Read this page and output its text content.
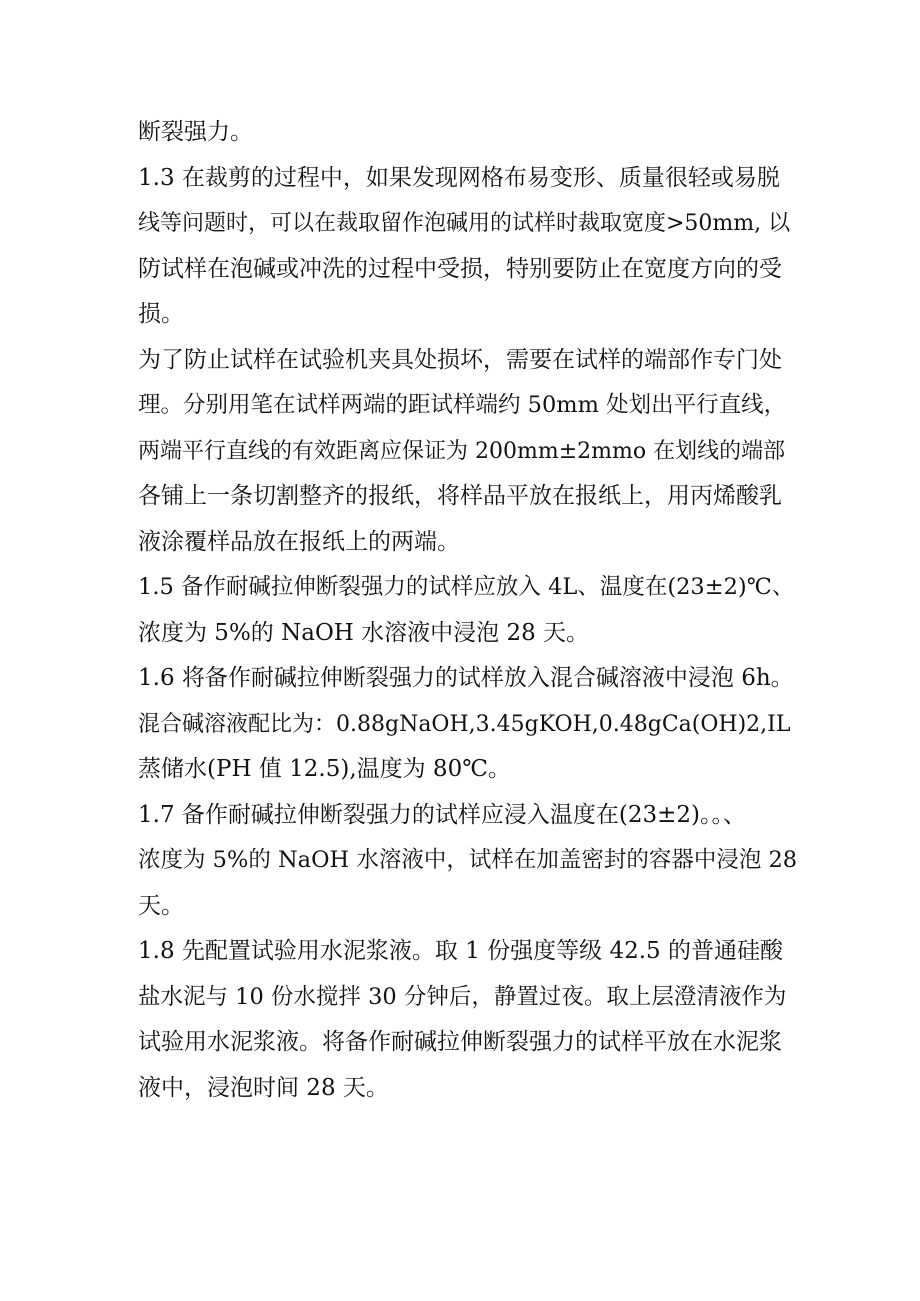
断裂强力。
1.3 在裁剪的过程中，如果发现网格布易变形、质量很轻或易脱
线等问题时，可以在裁取留作泡碱用的试样时裁取宽度>50mm, 以
防试样在泡碱或冲洗的过程中受损，特别要防止在宽度方向的受
损。
为了防止试样在试验机夹具处损坏，需要在试样的端部作专门处
理。分别用笔在试样两端的距试样端约 50mm 处划出平行直线，
两端平行直线的有效距离应保证为 200mm±2mmo 在划线的端部
各铺上一条切割整齐的报纸，将样品平放在报纸上，用丙烯酸乳
液涂覆样品放在报纸上的两端。
1.5 备作耐碱拉伸断裂强力的试样应放入 4L、温度在(23±2)℃、
浓度为 5%的 NaOH 水溶液中浸泡 28 天。
1.6 将备作耐碱拉伸断裂强力的试样放入混合碱溶液中浸泡 6h。
混合碱溶液配比为：0.88gNaOH,3.45gKOH,0.48gCa(OH)2,IL
蒸储水(PH 值 12.5),温度为 80℃。
1.7 备作耐碱拉伸断裂强力的试样应浸入温度在(23±2)。。、
浓度为 5%的 NaOH 水溶液中，试样在加盖密封的容器中浸泡 28
天。
1.8 先配置试验用水泥浆液。取 1 份强度等级 42.5 的普通硅酸
盐水泥与 10 份水搅拌 30 分钟后，静置过夜。取上层澄清液作为
试验用水泥浆液。将备作耐碱拉伸断裂强力的试样平放在水泥浆
液中，浸泡时间 28 天。
